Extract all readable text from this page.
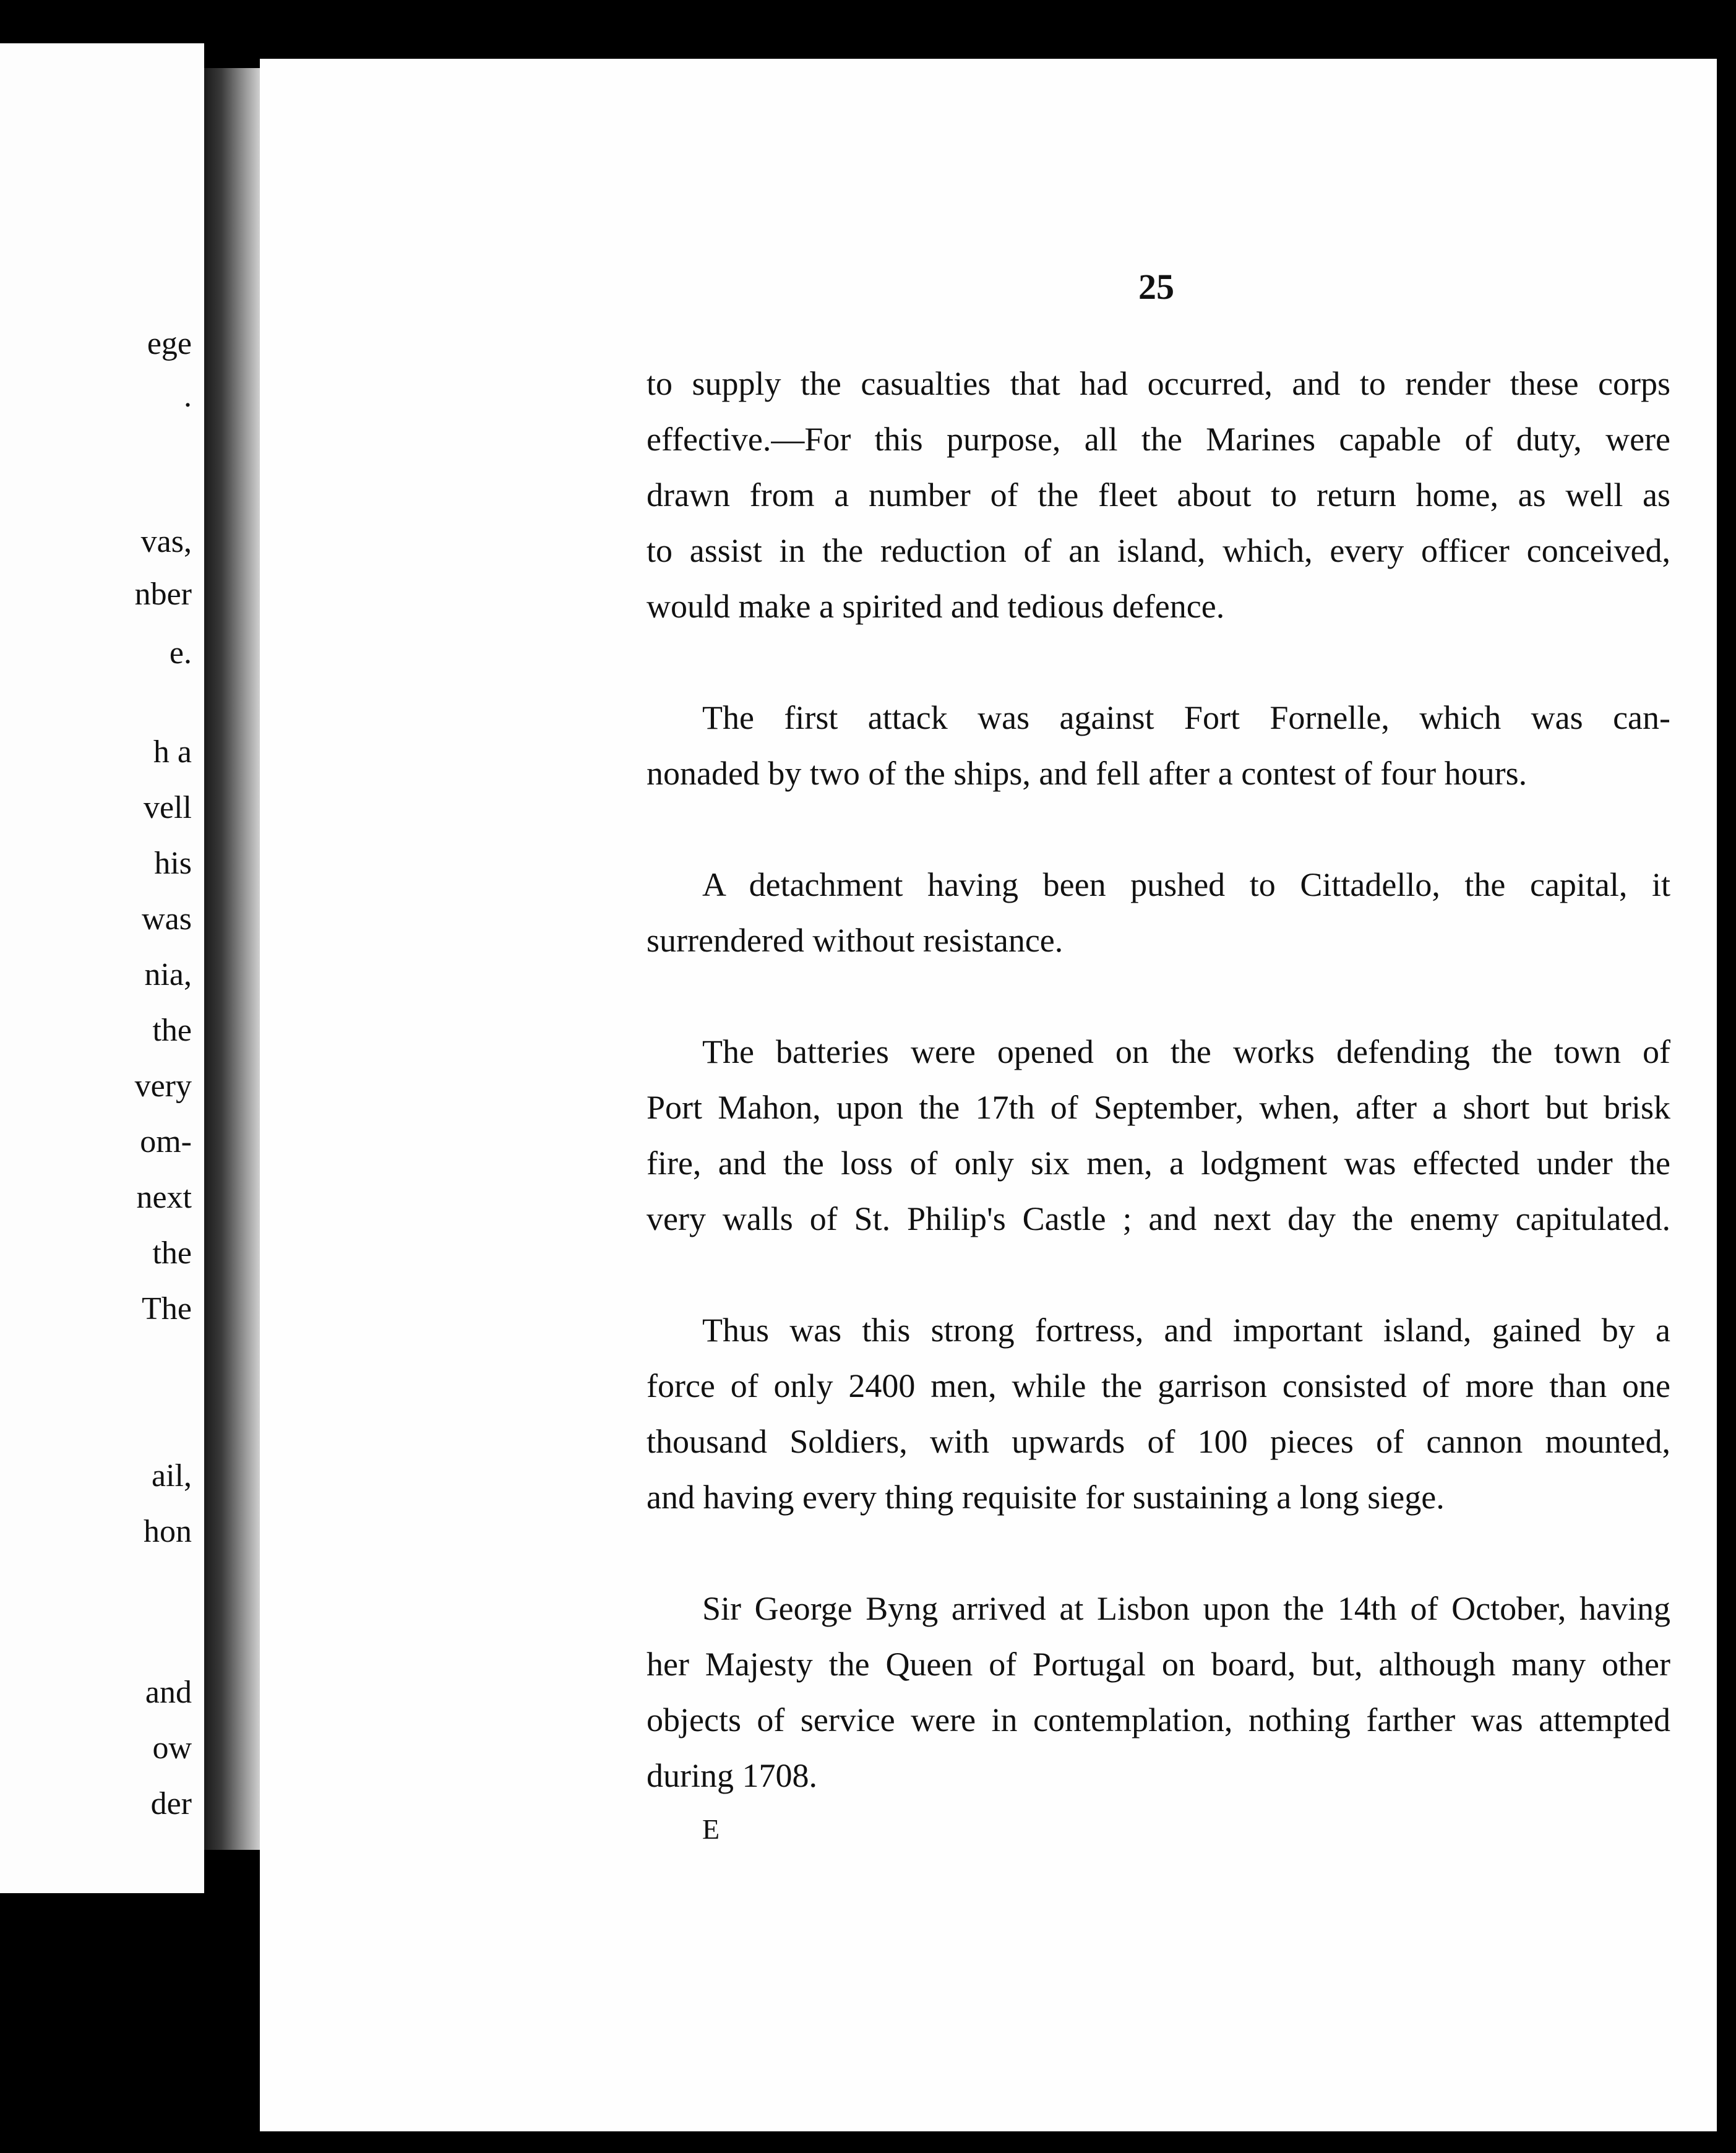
ege
.
vas,
nber
e.
h a
vell
his
was
nia,
the
very
om-
next
the
The
ail,
hon
and
ow
der
25
to supply the casualties that had occurred, and to render these corps
effective.—For this purpose, all the Marines capable of duty, were
drawn from a number of the fleet about to return home, as well as
to assist in the reduction of an island, which, every officer conceived,
would make a spirited and tedious defence.
The first attack was against Fort Fornelle, which was can-
nonaded by two of the ships, and fell after a contest of four hours.
A detachment having been pushed to Cittadello, the capital, it
surrendered without resistance.
The batteries were opened on the works defending the town of
Port Mahon, upon the 17th of September, when, after a short but brisk
fire, and the loss of only six men, a lodgment was effected under the
very walls of St. Philip's Castle ; and next day the enemy capitulated.
Thus was this strong fortress, and important island, gained by a
force of only 2400 men, while the garrison consisted of more than one
thousand Soldiers, with upwards of 100 pieces of cannon mounted,
and having every thing requisite for sustaining a long siege.
Sir George Byng arrived at Lisbon upon the 14th of October, having
her Majesty the Queen of Portugal on board, but, although many other
objects of service were in contemplation, nothing farther was attempted
during 1708.
E
